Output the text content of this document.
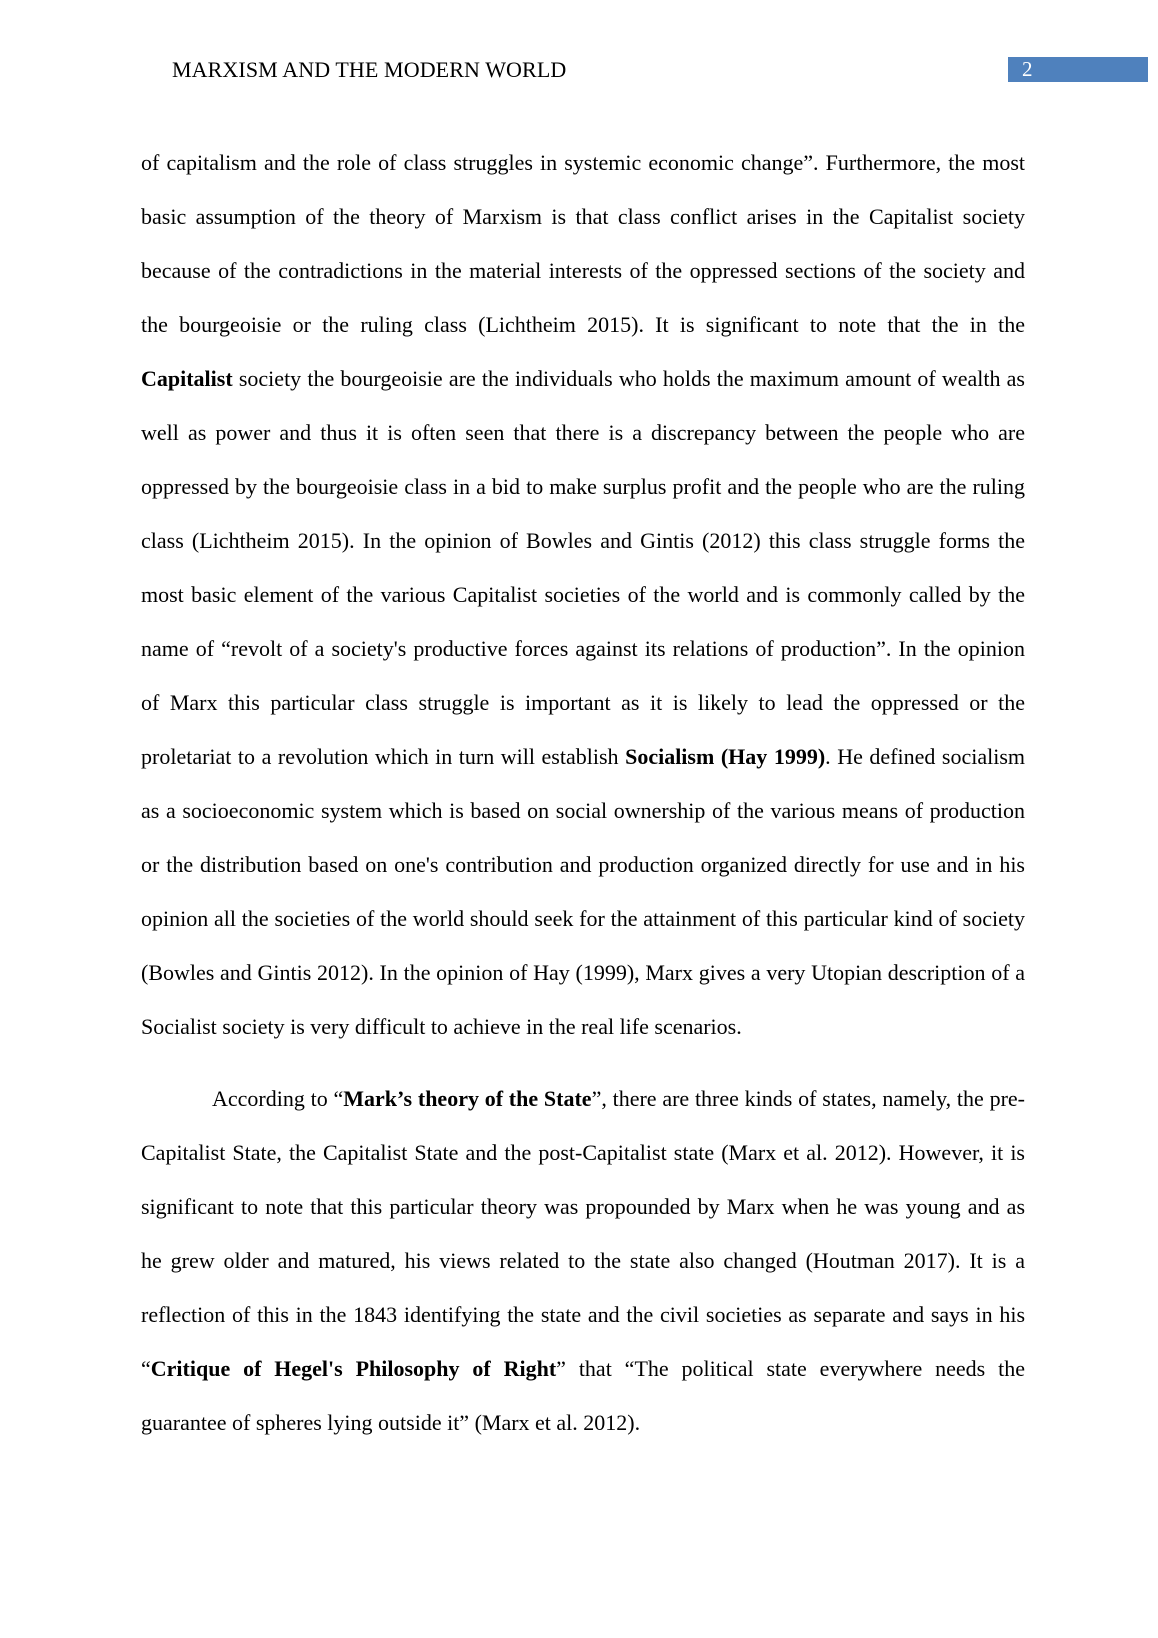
MARXISM AND THE MODERN WORLD	2

of capitalism and the role of class struggles in systemic economic change”. Furthermore, the most basic assumption of the theory of Marxism is that class conflict arises in the Capitalist society because of the contradictions in the material interests of the oppressed sections of the society and the bourgeoisie or the ruling class (Lichtheim 2015). It is significant to note that the in the Capitalist society the bourgeoisie are the individuals who holds the maximum amount of wealth as well as power and thus it is often seen that there is a discrepancy between the people who are oppressed by the bourgeoisie class in a bid to make surplus profit and the people who are the ruling class (Lichtheim 2015). In the opinion of Bowles and Gintis (2012) this class struggle forms the most basic element of the various Capitalist societies of the world and is commonly called by the name of “revolt of a society's productive forces against its relations of production”. In the opinion of Marx this particular class struggle is important as it is likely to lead the oppressed or the proletariat to a revolution which in turn will establish Socialism (Hay 1999). He defined socialism as a socioeconomic system which is based on social ownership of the various means of production or the distribution based on one's contribution and production organized directly for use and in his opinion all the societies of the world should seek for the attainment of this particular kind of society (Bowles and Gintis 2012). In the opinion of Hay (1999), Marx gives a very Utopian description of a Socialist society is very difficult to achieve in the real life scenarios.

According to “Mark’s theory of the State”, there are three kinds of states, namely, the pre-Capitalist State, the Capitalist State and the post-Capitalist state (Marx et al. 2012). However, it is significant to note that this particular theory was propounded by Marx when he was young and as he grew older and matured, his views related to the state also changed (Houtman 2017). It is a reflection of this in the 1843 identifying the state and the civil societies as separate and says in his “Critique of Hegel's Philosophy of Right” that “The political state everywhere needs the guarantee of spheres lying outside it” (Marx et al. 2012).
